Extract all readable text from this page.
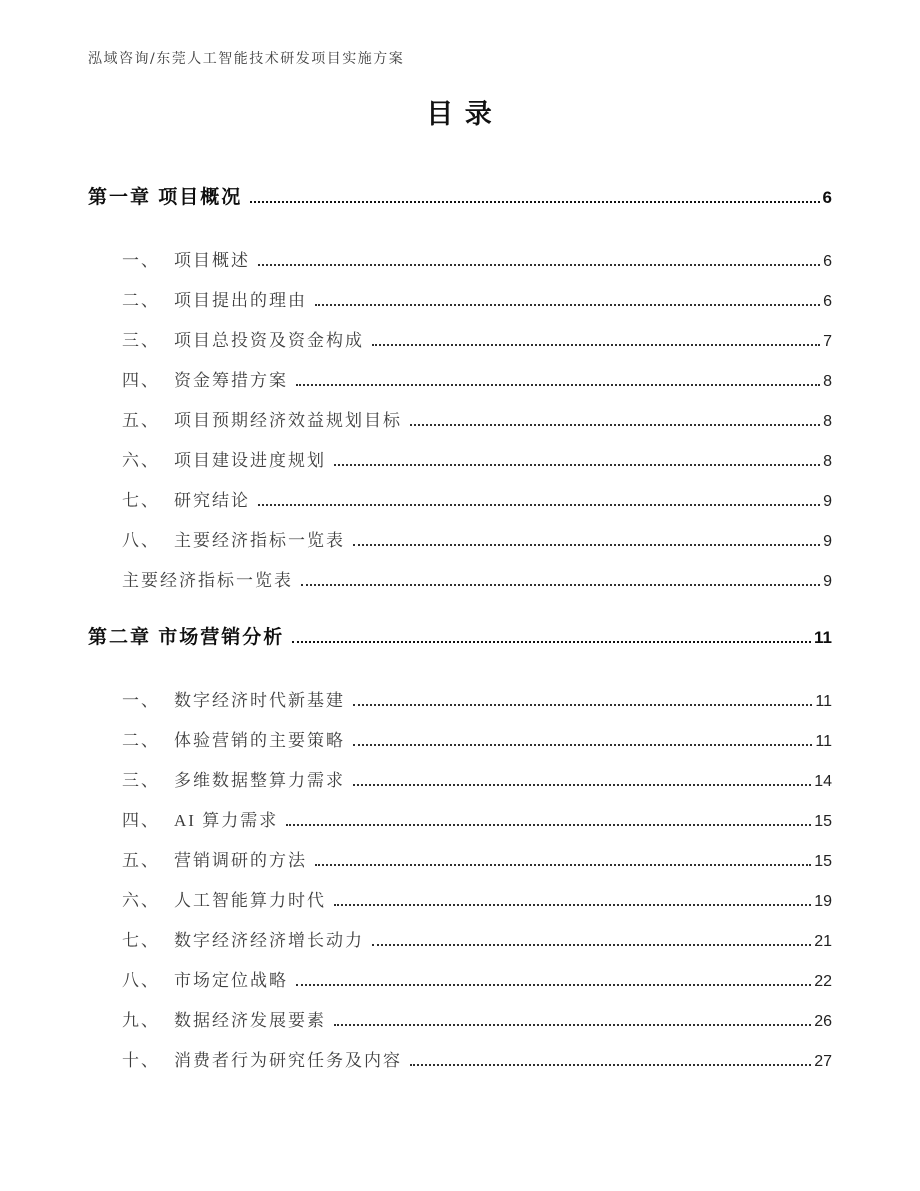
泓域咨询/东莞人工智能技术研发项目实施方案
目 录
第一章 项目概况	6
一、 项目概述	6
二、 项目提出的理由	6
三、 项目总投资及资金构成	7
四、 资金筹措方案	8
五、 项目预期经济效益规划目标	8
六、 项目建设进度规划	8
七、 研究结论	9
八、 主要经济指标一览表	9
主要经济指标一览表	9
第二章 市场营销分析	11
一、 数字经济时代新基建	11
二、 体验营销的主要策略	11
三、 多维数据整算力需求	14
四、 AI 算力需求	15
五、 营销调研的方法	15
六、 人工智能算力时代	19
七、 数字经济经济增长动力	21
八、 市场定位战略	22
九、 数据经济发展要素	26
十、 消费者行为研究任务及内容	27
